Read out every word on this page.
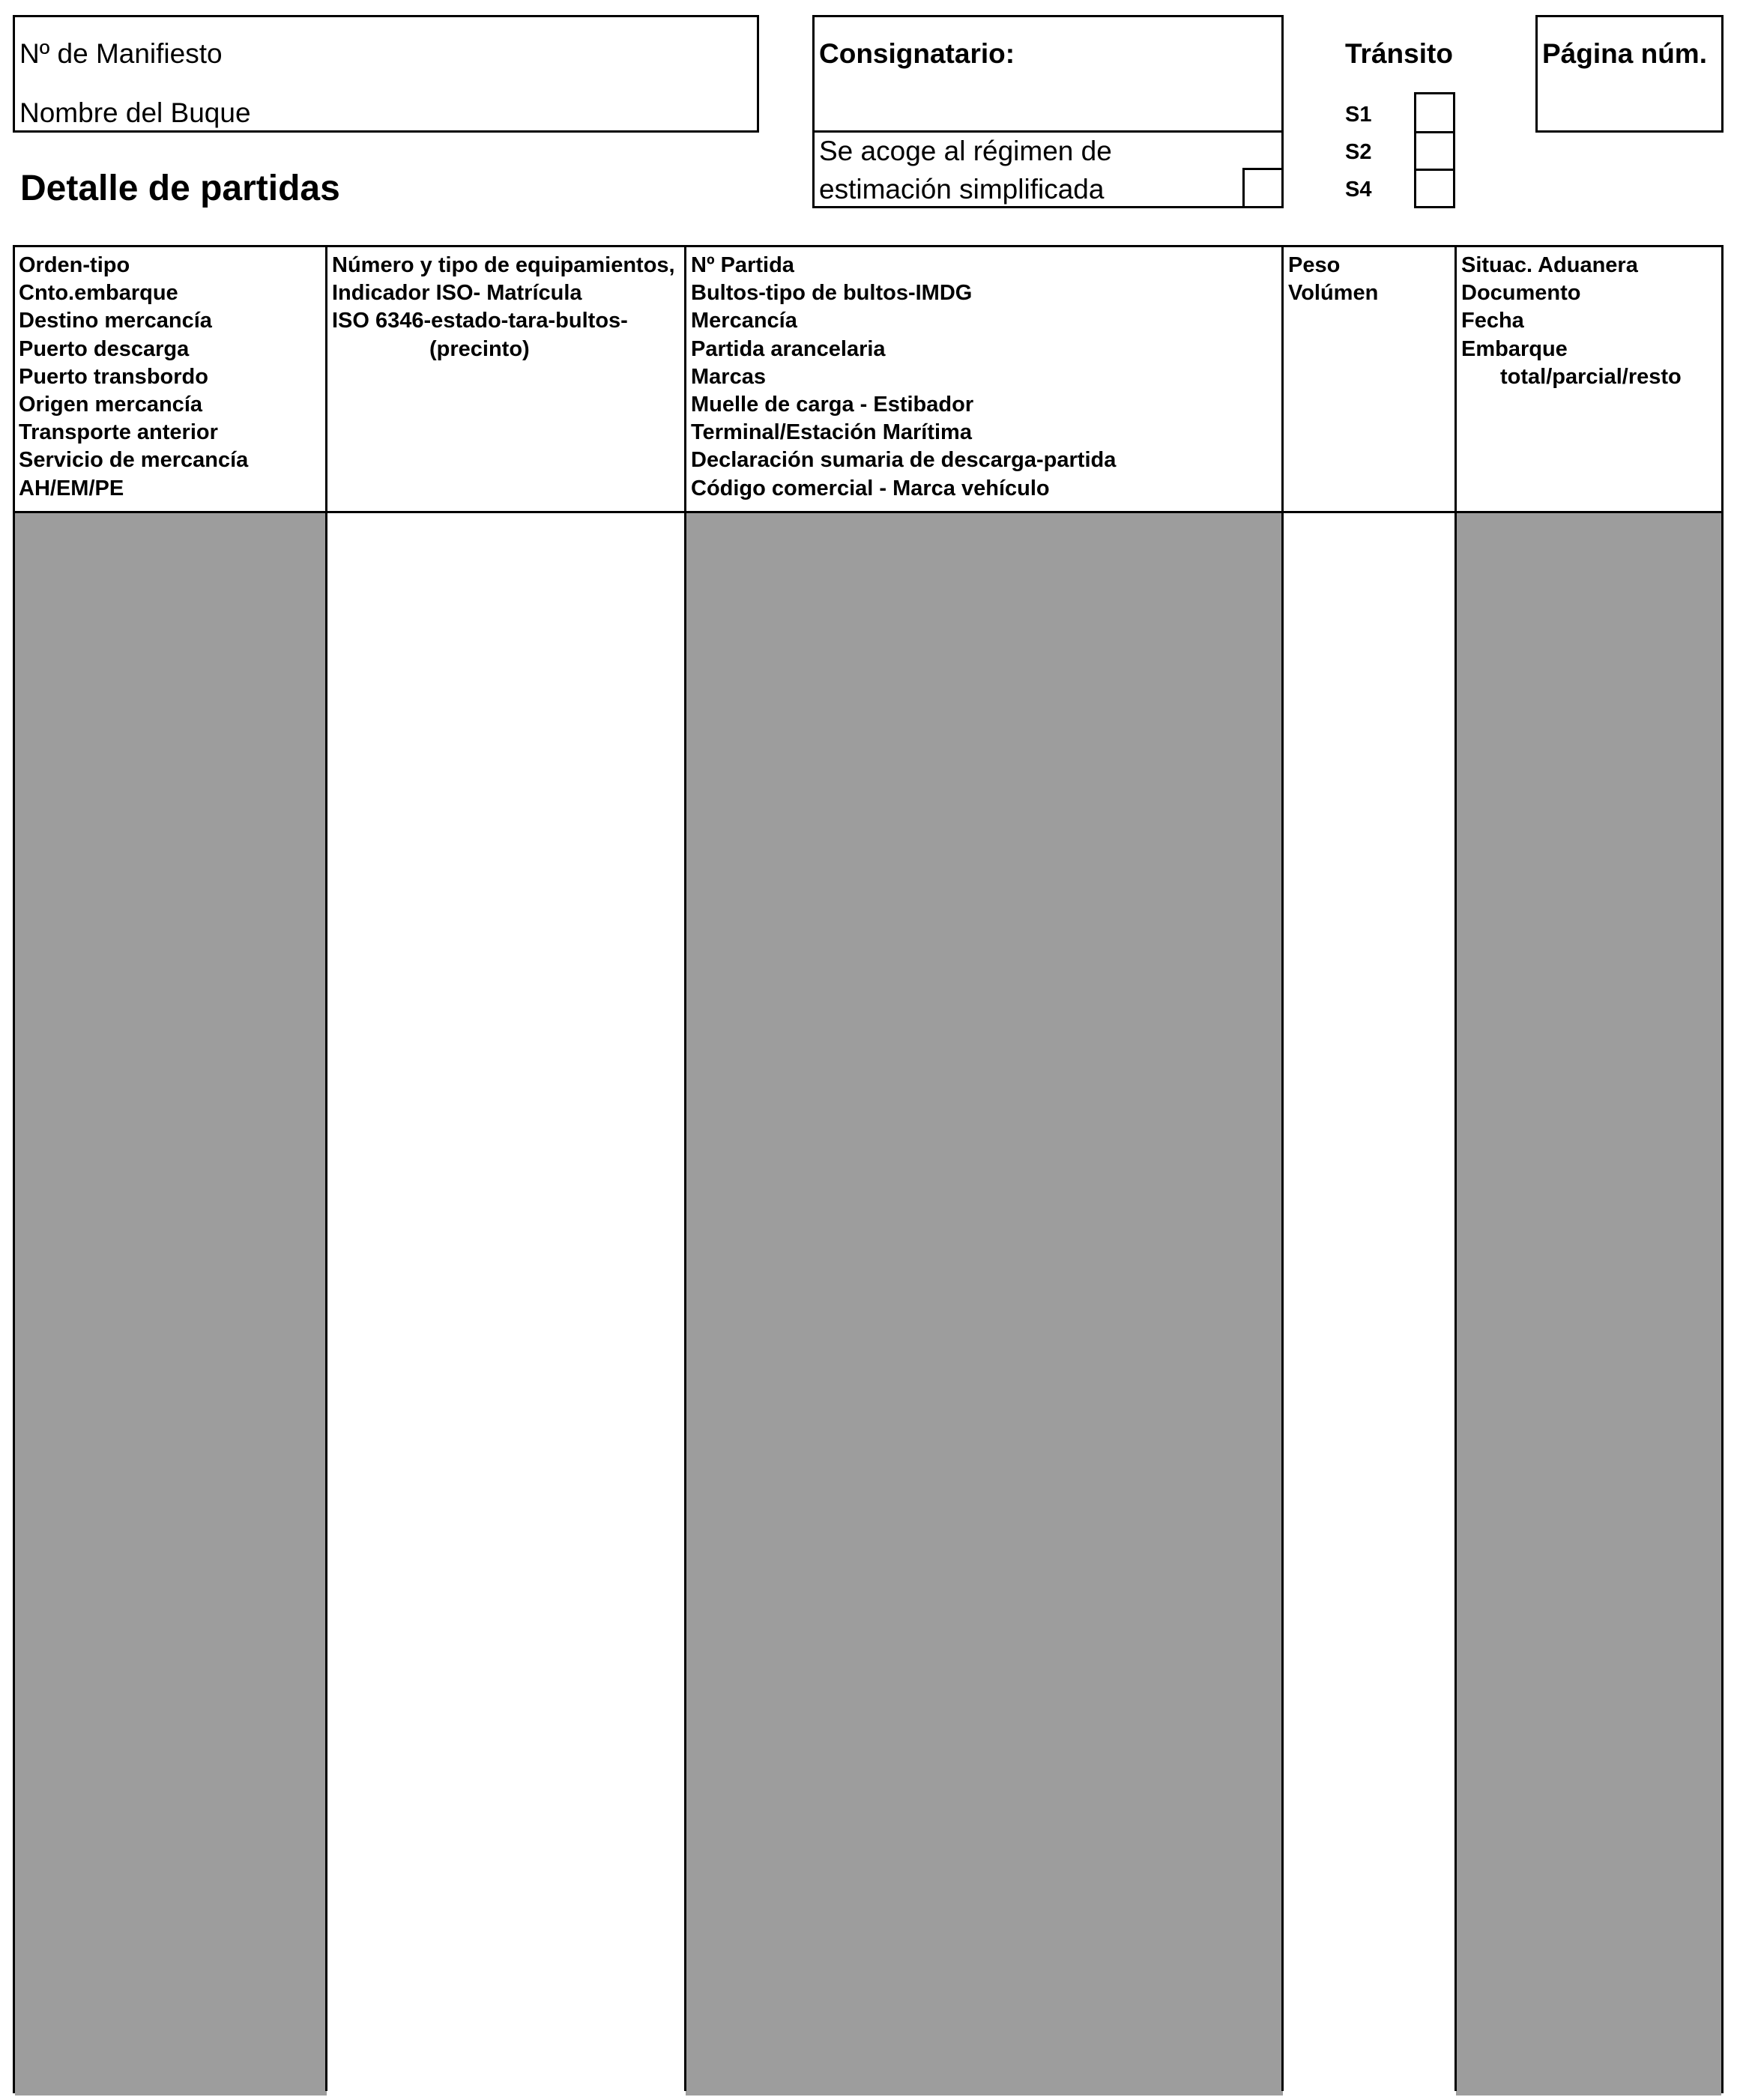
Nº de Manifiesto
Nombre del Buque
Detalle de partidas
Consignatario:
Se acoge al régimen de
estimación simplificada
Tránsito
S1
S2
S4
Página núm.
Orden-tipo
Cnto.embarque
Destino mercancía
Puerto descarga
Puerto transbordo
Origen mercancía
Transporte anterior
Servicio de mercancía
AH/EM/PE
Número y tipo de equipamientos,
Indicador ISO- Matrícula
ISO 6346-estado-tara-bultos-
(precinto)
Nº Partida
Bultos-tipo de bultos-IMDG
Mercancía
Partida arancelaria
Marcas
Muelle de carga - Estibador
Terminal/Estación Marítima
Declaración sumaria de descarga-partida
Código comercial - Marca vehículo
Peso
Volúmen
Situac. Aduanera
Documento
Fecha
Embarque
total/parcial/resto
